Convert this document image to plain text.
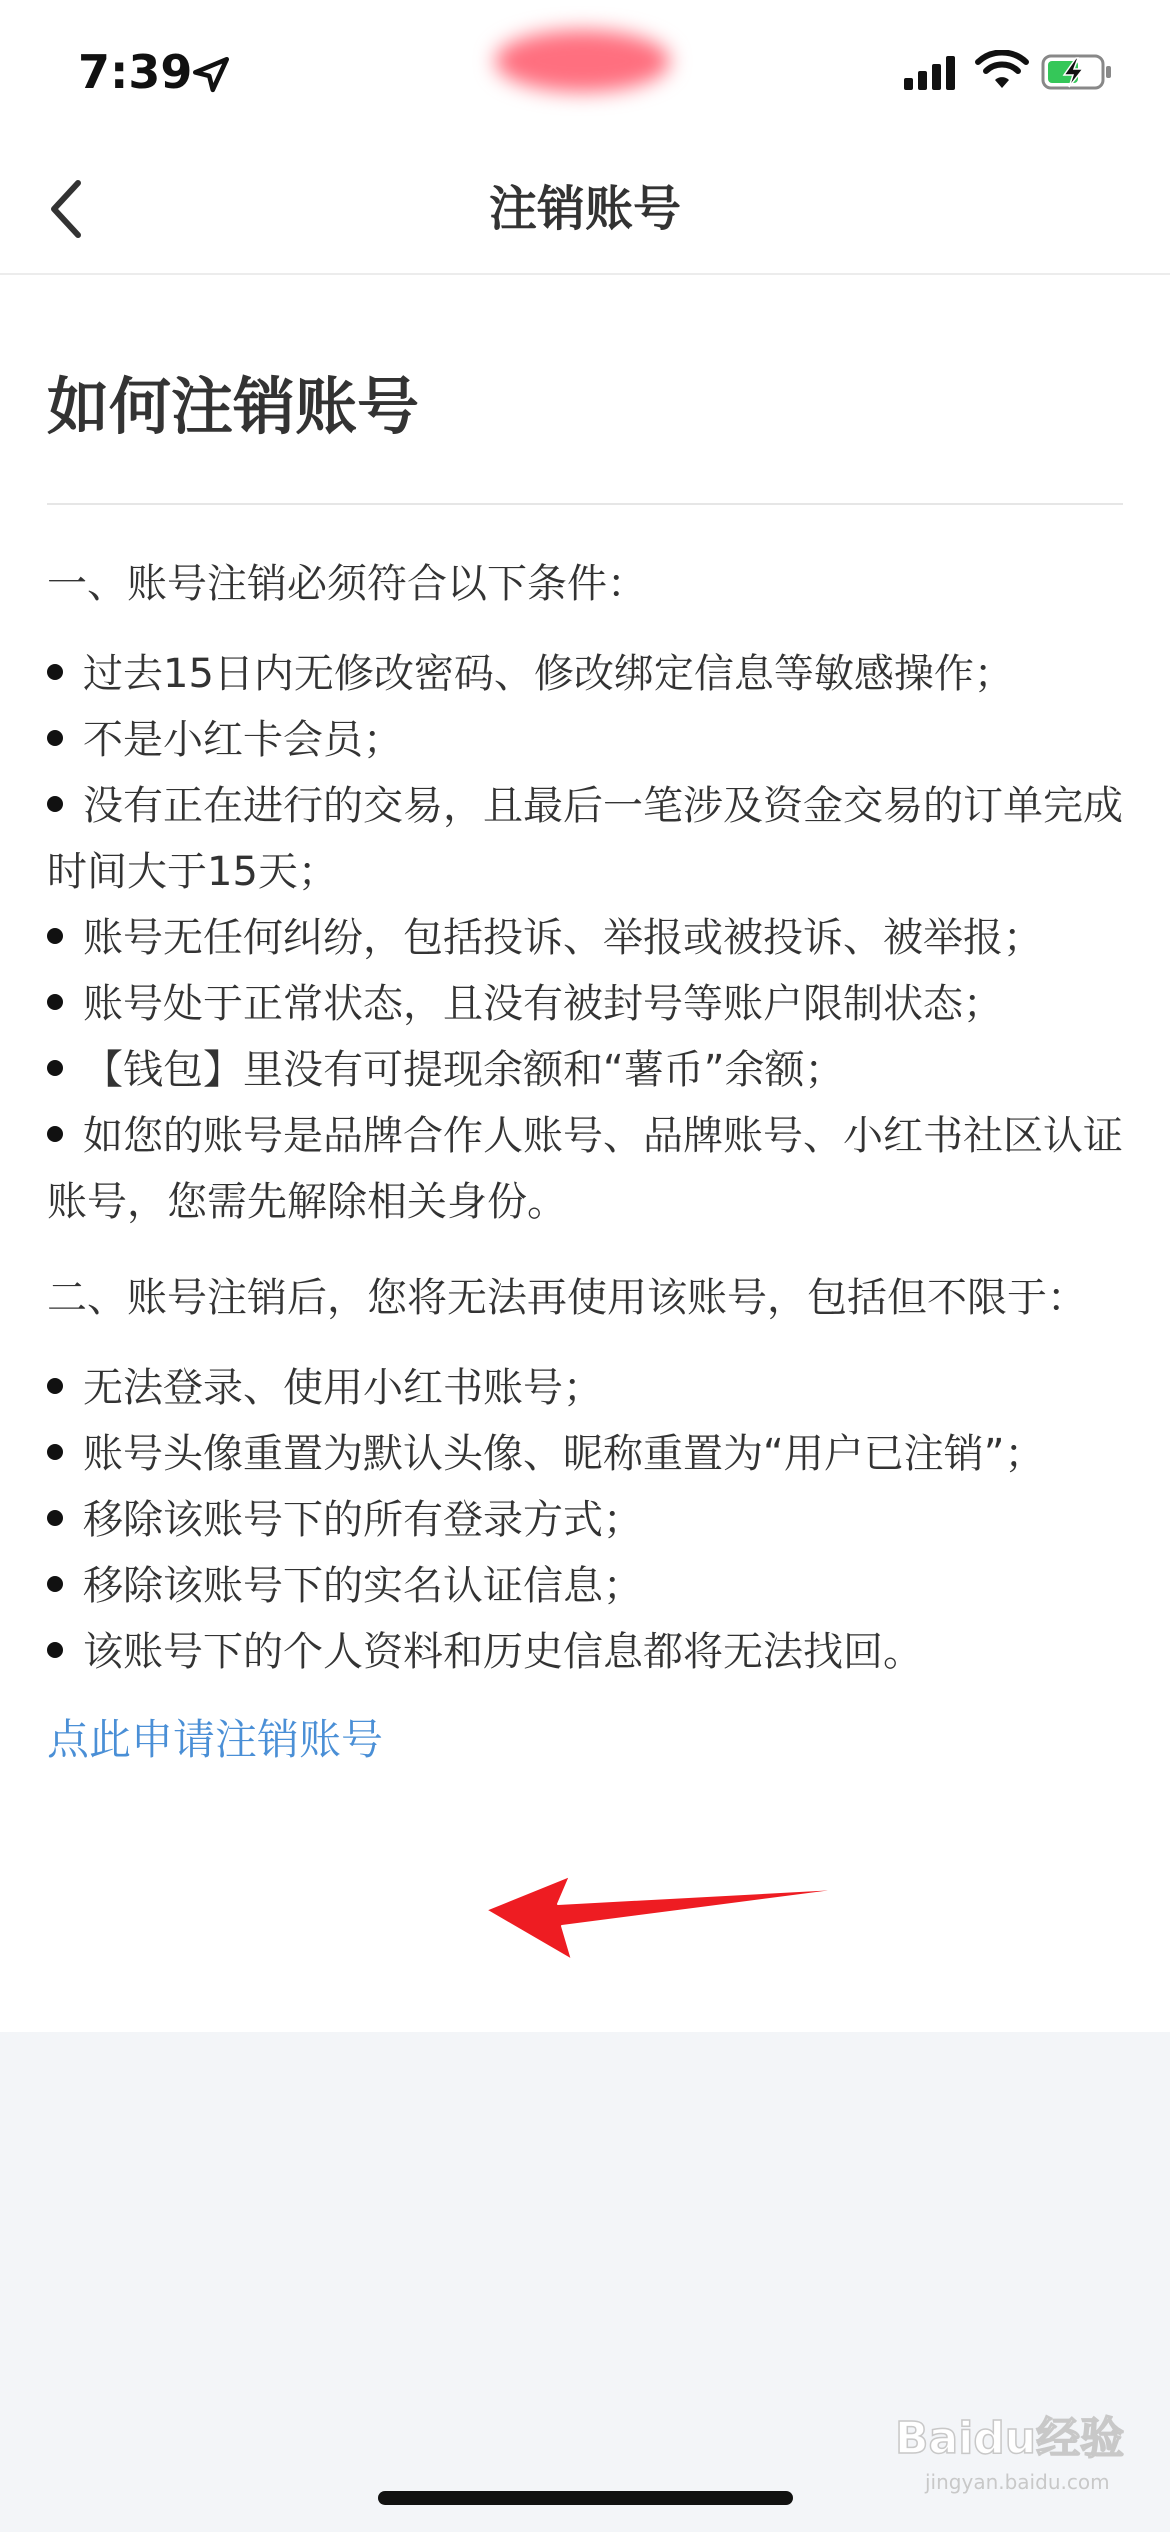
7:39
注销账号
如何注销账号
一、账号注销必须符合以下条件：
过去15日内无修改密码、修改绑定信息等敏感操作；
不是小红卡会员；
没有正在进行的交易，且最后一笔涉及资金交易的订单完成时间大于15天；
账号无任何纠纷，包括投诉、举报或被投诉、被举报；
账号处于正常状态，且没有被封号等账户限制状态；
【钱包】里没有可提现余额和“薯币”余额；
如您的账号是品牌合作人账号、品牌账号、小红书社区认证账号，您需先解除相关身份。
二、账号注销后，您将无法再使用该账号，包括但不限于：
无法登录、使用小红书账号；
账号头像重置为默认头像、昵称重置为“用户已注销”；
移除该账号下的所有登录方式；
移除该账号下的实名认证信息；
该账号下的个人资料和历史信息都将无法找回。
点此申请注销账号
Baidu经验
jingyan.baidu.com
